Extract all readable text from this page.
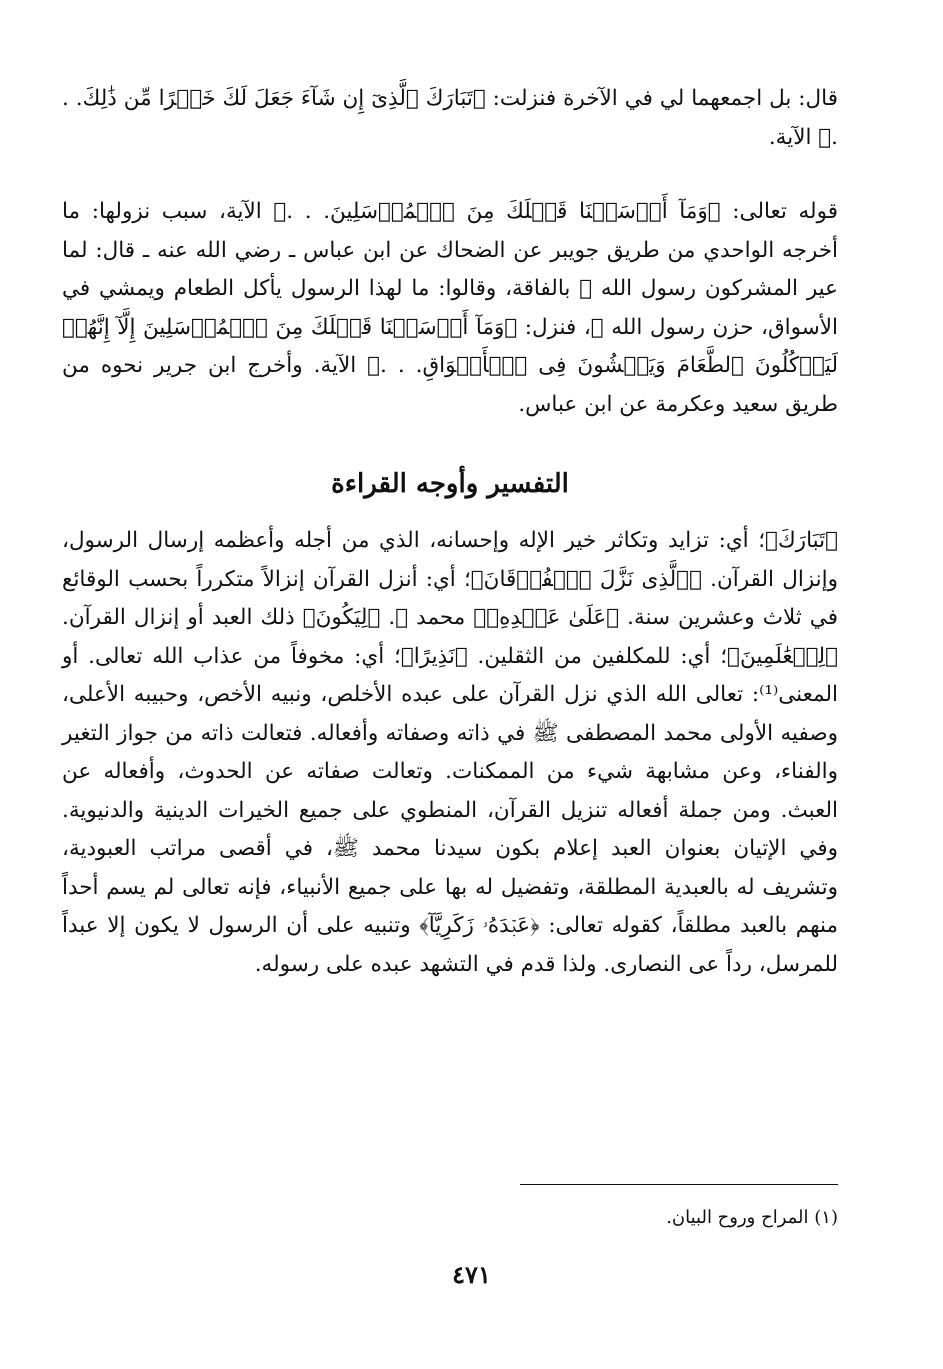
قال: بل اجمعهما لي في الآخرة فنزلت: ﴿تَبَارَكَ ٱلَّذِىٓ إِن شَآءَ جَعَلَ لَكَ خَيۡرًا مِّن ذَٰلِكَ. . .﴾ الآية.

قوله تعالى: ﴿وَمَآ أَرۡسَلۡنَا قَبۡلَكَ مِنَ ٱلۡمُرۡسَلِينَ. . .﴾ الآية، سبب نزولها: ما أخرجه الواحدي من طريق جويبر عن الضحاك عن ابن عباس ـ رضي الله عنه ـ قال: لما عير المشركون رسول الله ﷺ بالفاقة، وقالوا: ما لهذا الرسول يأكل الطعام ويمشي في الأسواق، حزن رسول الله ﷺ، فنزل: ﴿وَمَآ أَرۡسَلۡنَا قَبۡلَكَ مِنَ ٱلۡمُرۡسَلِينَ إِلَّآ إِنَّهُمۡ لَيَأۡكُلُونَ ٱلطَّعَامَ وَيَمۡشُونَ فِى ٱلۡأَسۡوَاقِ. . .﴾ الآية. وأخرج ابن جرير نحوه من طريق سعيد وعكرمة عن ابن عباس.

التفسير وأوجه القراءة

﴿تَبَارَكَ﴾؛ أي: تزايد وتكاثر خير الإله وإحسانه، الذي من أجله وأعظمه إرسال الرسول، وإنزال القرآن. ﴿ٱلَّذِى نَزَّلَ ٱلۡفُرۡقَانَ﴾؛ أي: أنزل القرآن إنزالاً متكرراً بحسب الوقائع في ثلاث وعشرين سنة. ﴿عَلَىٰ عَبۡدِهِۦ﴾ محمد ﷺ. ﴿لِيَكُونَ﴾ ذلك العبد أو إنزال القرآن. ﴿لِلۡعَٰلَمِينَ﴾؛ أي: للمكلفين من الثقلين. ﴿نَذِيرًا﴾؛ أي: مخوفاً من عذاب الله تعالى. أو المعنى⁽¹⁾: تعالى الله الذي نزل القرآن على عبده الأخلص، ونبيه الأخص، وحبيبه الأعلى، وصفيه الأولى محمد المصطفى ﷺ في ذاته وصفاته وأفعاله. فتعالت ذاته من جواز التغير والفناء، وعن مشابهة شيء من الممكنات. وتعالت صفاته عن الحدوث، وأفعاله عن العبث. ومن جملة أفعاله تنزيل القرآن، المنطوي على جميع الخيرات الدينية والدنيوية. وفي الإتيان بعنوان العبد إعلام بكون سيدنا محمد ﷺ، في أقصى مراتب العبودية، وتشريف له بالعبدية المطلقة، وتفضيل له بها على جميع الأنبياء، فإنه تعالى لم يسم أحداً منهم بالعبد مطلقاً، كقوله تعالى: ﴿عَبۡدَهُۥ زَكَرِيَّآ﴾ وتنبيه على أن الرسول لا يكون إلا عبداً للمرسل، رداً عى النصارى. ولذا قدم في التشهد عبده على رسوله.

(١) المراح وروح البيان.
٤٧١
